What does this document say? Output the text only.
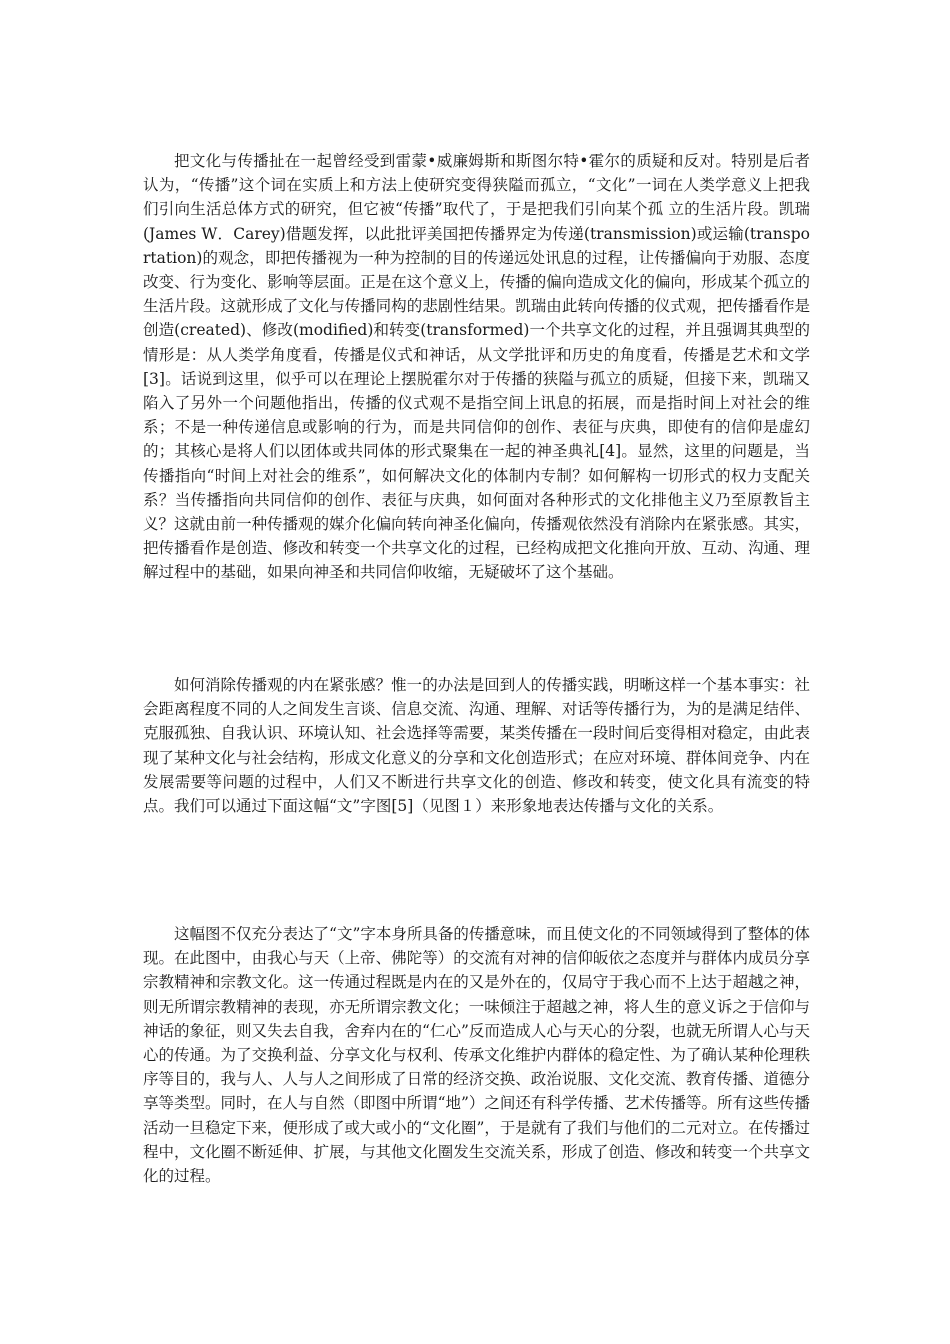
把文化与传播扯在一起曾经受到雷蒙•威廉姆斯和斯图尔特•霍尔的质疑和反对。特别是后者认为，“传播”这个词在实质上和方法上使研究变得狭隘而孤立，“文化”一词在人类学意义上把我们引向生活总体方式的研究，但它被“传播”取代了，于是把我们引向某个孤 立的生活片段。凯瑞(James W．Carey)借题发挥，以此批评美国把传播界定为传递(transmission)或运输(transportation)的观念，即把传播视为一种为控制的目的传递远处讯息的过程，让传播偏向于劝服、态度改变、行为变化、影响等层面。正是在这个意义上，传播的偏向造成文化的偏向，形成某个孤立的生活片段。这就形成了文化与传播同构的悲剧性结果。凯瑞由此转向传播的仪式观，把传播看作是创造(created)、修改(modified)和转变(transformed)一个共享文化的过程，并且强调其典型的情形是：从人类学角度看，传播是仪式和神话，从文学批评和历史的角度看，传播是艺术和文学[3]。话说到这里，似乎可以在理论上摆脱霍尔对于传播的狭隘与孤立的质疑，但接下来，凯瑞又陷入了另外一个问题他指出，传播的仪式观不是指空间上讯息的拓展，而是指时间上对社会的维系；不是一种传递信息或影响的行为，而是共同信仰的创作、表征与庆典，即使有的信仰是虚幻的；其核心是将人们以团体或共同体的形式聚集在一起的神圣典礼[4]。显然，这里的问题是，当传播指向“时间上对社会的维系”，如何解决文化的体制内专制？如何解构一切形式的权力支配关系？当传播指向共同信仰的创作、表征与庆典，如何面对各种形式的文化排他主义乃至原教旨主义？这就由前一种传播观的媒介化偏向转向神圣化偏向，传播观依然没有消除内在紧张感。其实，把传播看作是创造、修改和转变一个共享文化的过程，已经构成把文化推向开放、互动、沟通、理解过程中的基础，如果向神圣和共同信仰收缩，无疑破坏了这个基础。

如何消除传播观的内在紧张感？惟一的办法是回到人的传播实践，明晰这样一个基本事实：社会距离程度不同的人之间发生言谈、信息交流、沟通、理解、对话等传播行为，为的是满足结伴、克服孤独、自我认识、环境认知、社会选择等需要，某类传播在一段时间后变得相对稳定，由此表现了某种文化与社会结构，形成文化意义的分享和文化创造形式；在应对环境、群体间竞争、内在发展需要等问题的过程中，人们又不断进行共享文化的创造、修改和转变，使文化具有流变的特点。我们可以通过下面这幅“文”字图[5]（见图１）来形象地表达传播与文化的关系。

这幅图不仅充分表达了“文”字本身所具备的传播意味，而且使文化的不同领域得到了整体的体现。在此图中，由我心与天（上帝、佛陀等）的交流有对神的信仰皈依之态度并与群体内成员分享宗教精神和宗教文化。这一传通过程既是内在的又是外在的，仅局守于我心而不上达于超越之神，则无所谓宗教精神的表现，亦无所谓宗教文化；一味倾注于超越之神，将人生的意义诉之于信仰与神话的象征，则又失去自我，舍弃内在的“仁心”反而造成人心与天心的分裂，也就无所谓人心与天心的传通。为了交换利益、分享文化与权利、传承文化维护内群体的稳定性、为了确认某种伦理秩序等目的，我与人、人与人之间形成了日常的经济交换、政治说服、文化交流、教育传播、道德分享等类型。同时，在人与自然（即图中所谓“地”）之间还有科学传播、艺术传播等。所有这些传播活动一旦稳定下来，便形成了或大或小的“文化圈”，于是就有了我们与他们的二元对立。在传播过程中，文化圈不断延伸、扩展，与其他文化圈发生交流关系，形成了创造、修改和转变一个共享文化的过程。
